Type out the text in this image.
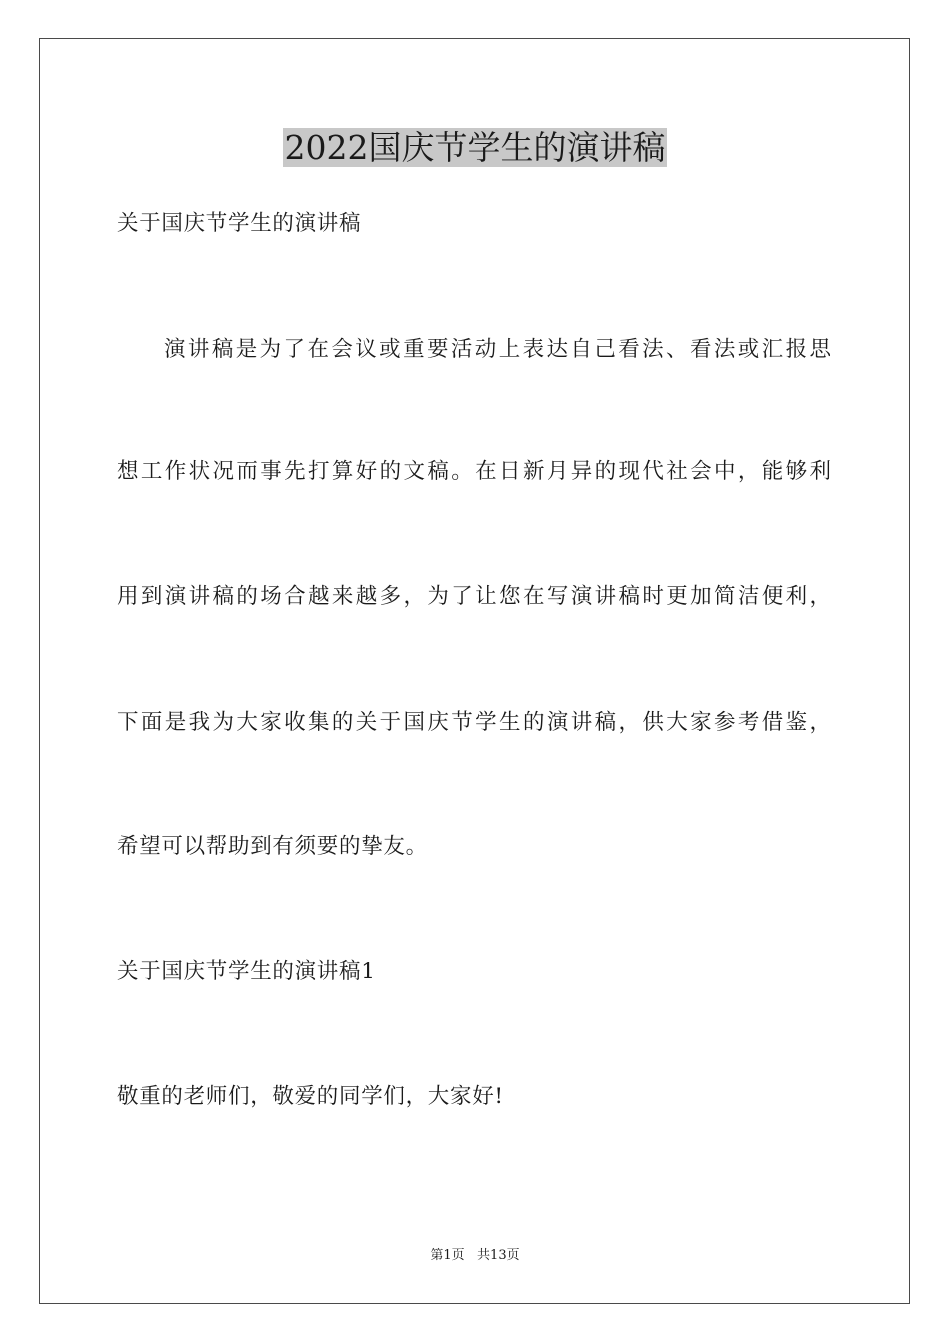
2022国庆节学生的演讲稿
关于国庆节学生的演讲稿
演讲稿是为了在会议或重要活动上表达自己看法、看法或汇报思
想工作状况而事先打算好的文稿。在日新月异的现代社会中，能够利
用到演讲稿的场合越来越多，为了让您在写演讲稿时更加简洁便利，
下面是我为大家收集的关于国庆节学生的演讲稿，供大家参考借鉴，
希望可以帮助到有须要的挚友。
关于国庆节学生的演讲稿1
敬重的老师们，敬爱的同学们，大家好!
第1页   共13页
